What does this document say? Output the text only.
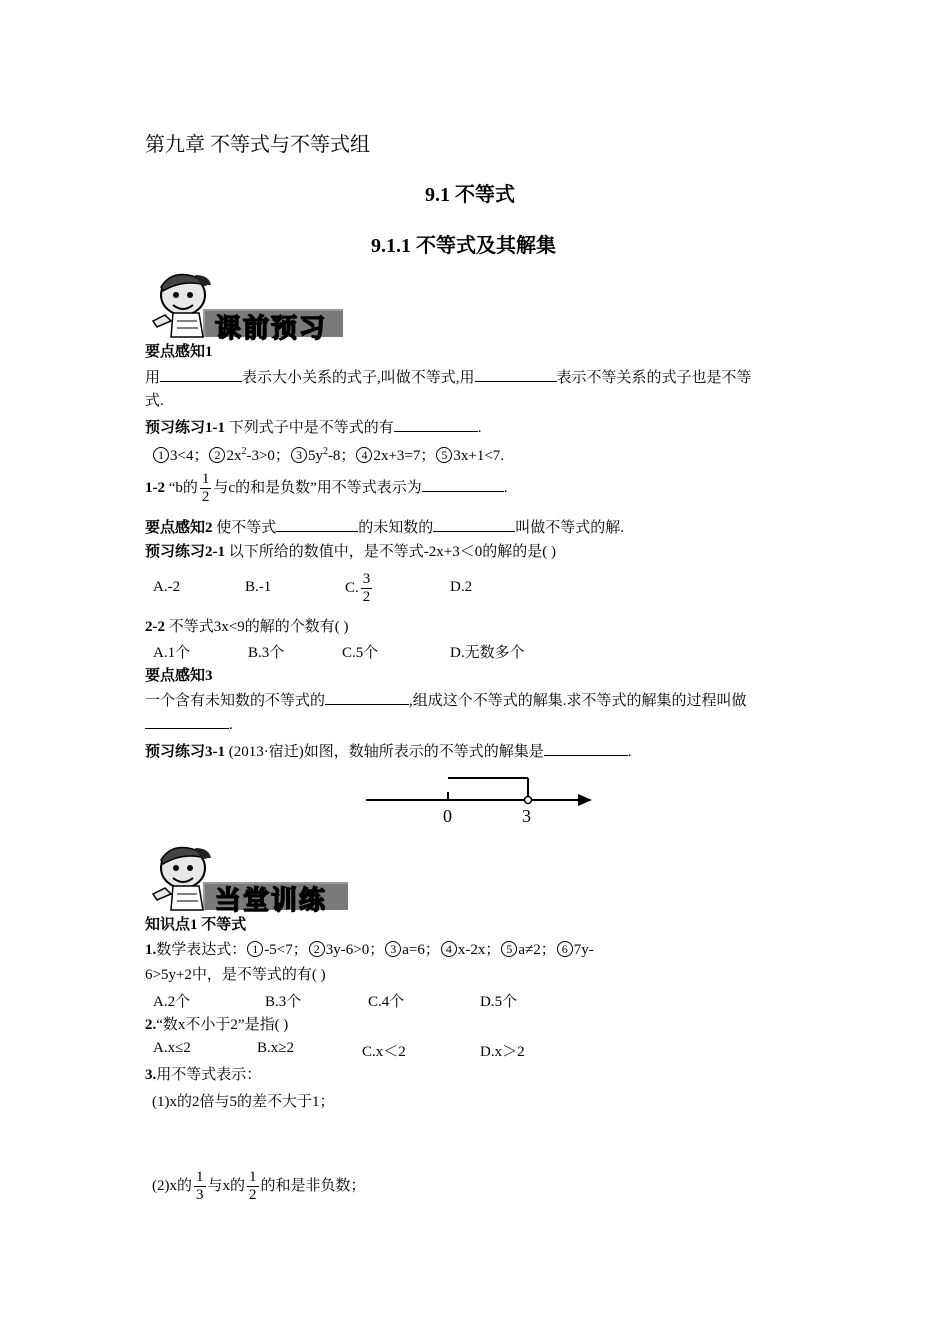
第九章 不等式与不等式组
9.1 不等式
9.1.1 不等式及其解集
课前预习
要点感知1
用	表示大小关系的式子,叫做不等式,用	表示不等关系的式子也是不等
式.
预习练习1-1 下列式子中是不等式的有	.
1 3<4； 2 $2x^2-3>0$； 3 $5y^2-8$； 4 2x+3=7； 5 3x+1<7.
1-2 “b的 $\frac{1}{2}$ 与c的和是负数”用不等式表示为	.
要点感知2 使不等式	的未知数的	叫做不等式的解.
预习练习2-1 以下所给的数值中，是不等式-2x+3＜0的解的是( )
A.-2	B.-1	C. $\frac{3}{2}$	D.2
2-2 不等式3x<9的解的个数有( )
A.1个	B.3个	C.5个	D.无数多个
要点感知3
一个含有未知数的不等式的	,组成这个不等式的解集.求不等式的解集的过程叫做
.
预习练习3-1 (2013·宿迁)如图，数轴所表示的不等式的解集是	.
0	3
当堂训练
知识点1 不等式
1.数学表达式： 1 -5<7； 2 3y-6>0； 3 a=6； 4 x-2x； 5 a≠2； 6 7y-
6>5y+2中，是不等式的有( )
A.2个	B.3个	C.4个	D.5个
2.“数x不小于2”是指( )
A.x≤2	B.x≥2	C.x＜2	D.x＞2
3.用不等式表示：
(1)x的2倍与5的差不大于1；
(2)x的 $\frac{1}{3}$ 与x的 $\frac{1}{2}$ 的和是非负数；
